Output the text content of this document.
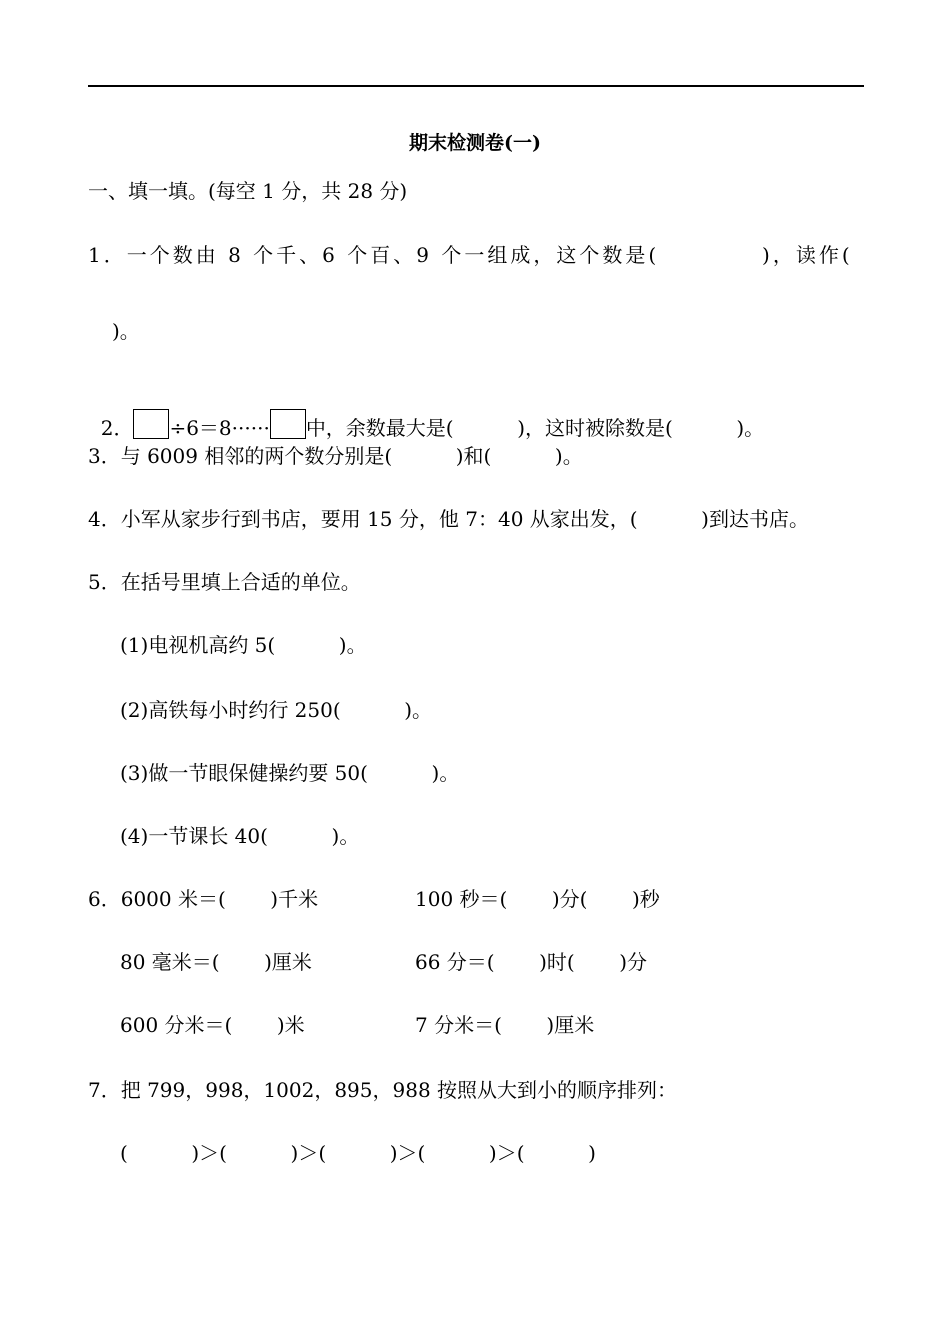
期末检测卷(一)
一、填一填。(每空 1 分，共 28 分)
1．一个数由 8 个千、6 个百、9 个一组成，这个数是(           )，读作(
)。

2． ÷6＝8······ 中，余数最大是(          )，这时被除数是(          )。

3．与 6009 相邻的两个数分别是(          )和(          )。
4．小军从家步行到书店，要用 15 分，他 7：40 从家出发，(          )到达书店。
5．在括号里填上合适的单位。
(1)电视机高约 5(          )。
(2)高铁每小时约行 250(          )。
(3)做一节眼保健操约要 50(          )。
(4)一节课长 40(          )。
6．6000 米＝(       )千米	100 秒＝(       )分(       )秒
80 毫米＝(       )厘米	66 分＝(       )时(       )分
600 分米＝(       )米	7 分米＝(       )厘米
7．把 799，998，1002，895，988 按照从大到小的顺序排列：
(          )＞(          )＞(          )＞(          )＞(          )
